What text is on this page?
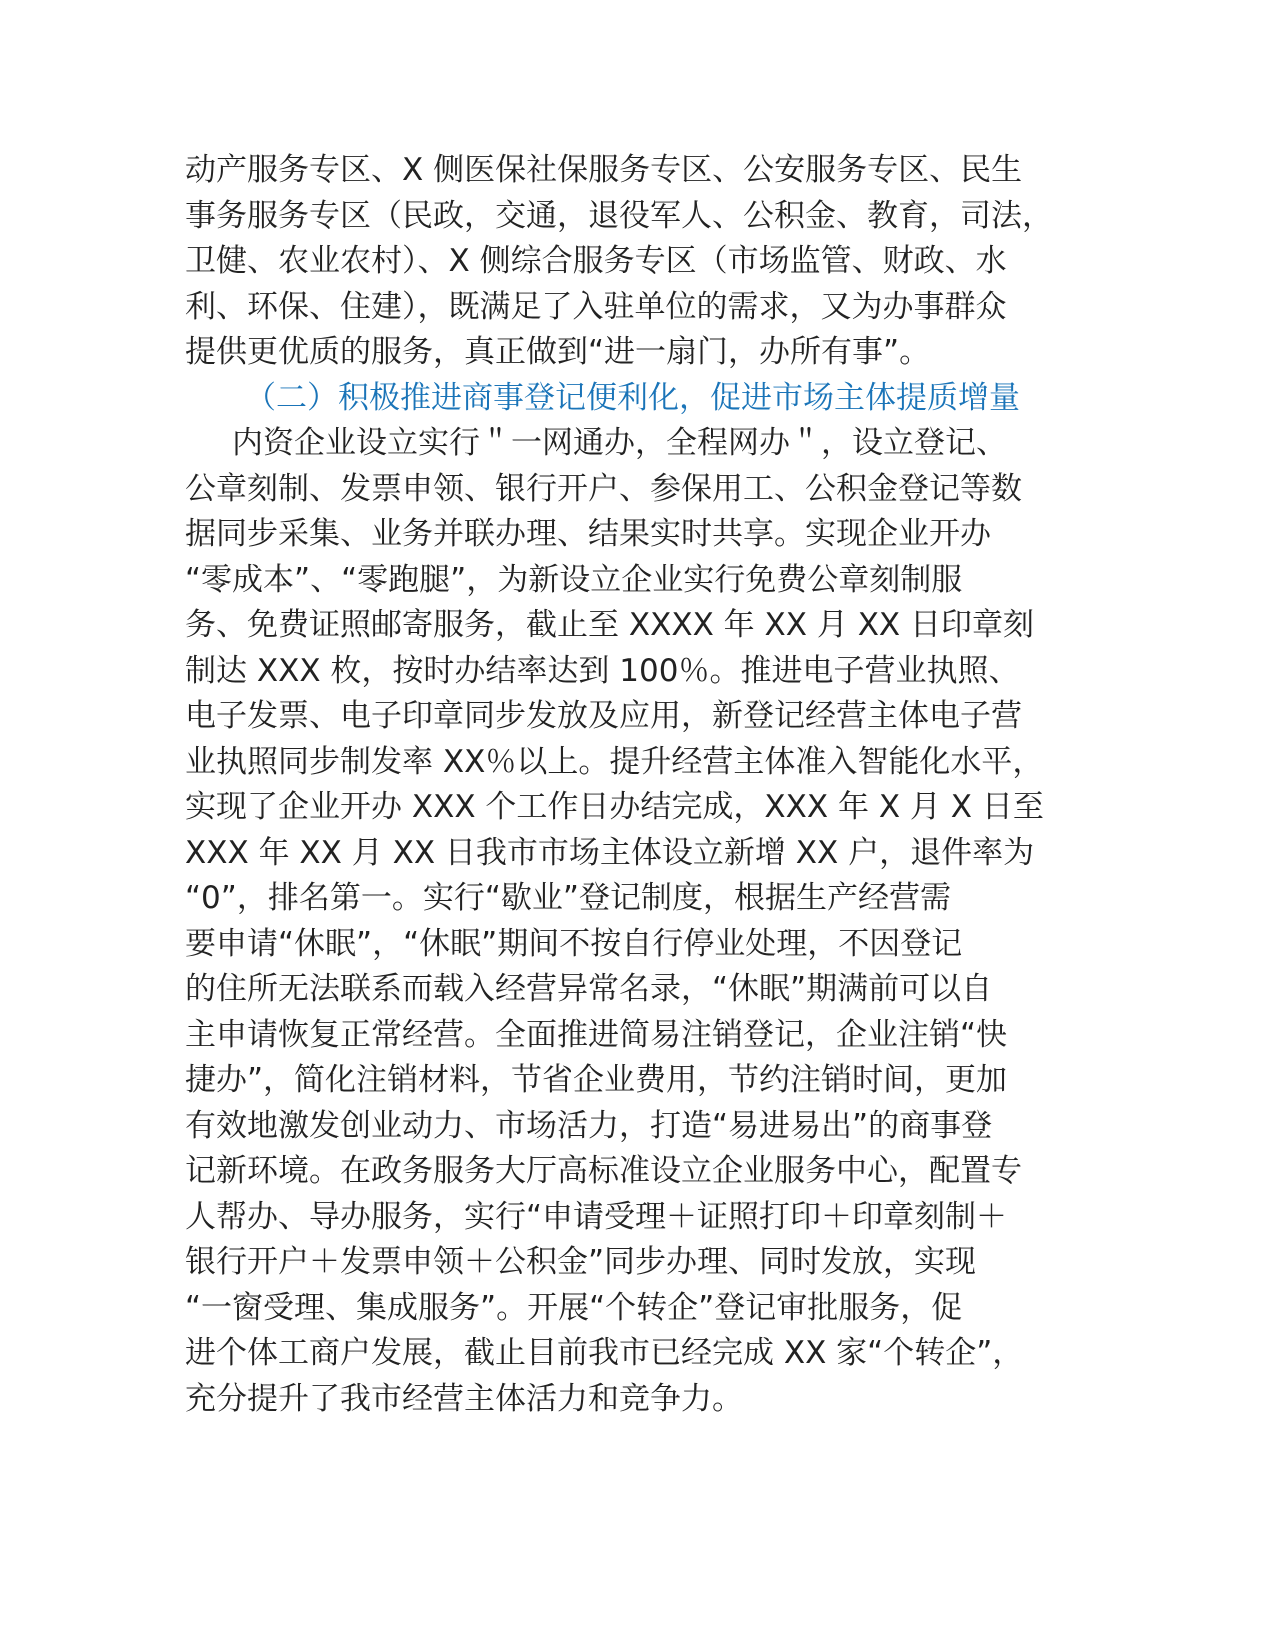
动产服务专区、X 侧医保社保服务专区、公安服务专区、民生
事务服务专区（民政，交通，退役军人、公积金、教育，司法，
卫健、农业农村）、X 侧综合服务专区（市场监管、财政、水
利、环保、住建），既满足了入驻单位的需求，又为办事群众
提供更优质的服务，真正做到“进一扇门，办所有事”。
（二）积极推进商事登记便利化，促进市场主体提质增量
内资企业设立实行＂一网通办，全程网办＂，设立登记、
公章刻制、发票申领、银行开户、参保用工、公积金登记等数
据同步采集、业务并联办理、结果实时共享。实现企业开办
“零成本”、“零跑腿”，为新设立企业实行免费公章刻制服
务、免费证照邮寄服务，截止至 XXXX 年 XX 月 XX 日印章刻
制达 XXX 枚，按时办结率达到 100％。推进电子营业执照、
电子发票、电子印章同步发放及应用，新登记经营主体电子营
业执照同步制发率 XX％以上。提升经营主体准入智能化水平，
实现了企业开办 XXX 个工作日办结完成，XXX 年 X 月 X 日至
XXX 年 XX 月 XX 日我市市场主体设立新增 XX 户，退件率为
“0”，排名第一。实行“歇业”登记制度，根据生产经营需
要申请“休眠”，“休眠”期间不按自行停业处理，不因登记
的住所无法联系而载入经营异常名录，“休眠”期满前可以自
主申请恢复正常经营。全面推进简易注销登记，企业注销“快
捷办”，简化注销材料，节省企业费用，节约注销时间，更加
有效地激发创业动力、市场活力，打造“易进易出”的商事登
记新环境。在政务服务大厅高标准设立企业服务中心，配置专
人帮办、导办服务，实行“申请受理＋证照打印＋印章刻制＋
银行开户＋发票申领＋公积金”同步办理、同时发放，实现
“一窗受理、集成服务”。开展“个转企”登记审批服务，促
进个体工商户发展，截止目前我市已经完成 XX 家“个转企”，
充分提升了我市经营主体活力和竞争力。
